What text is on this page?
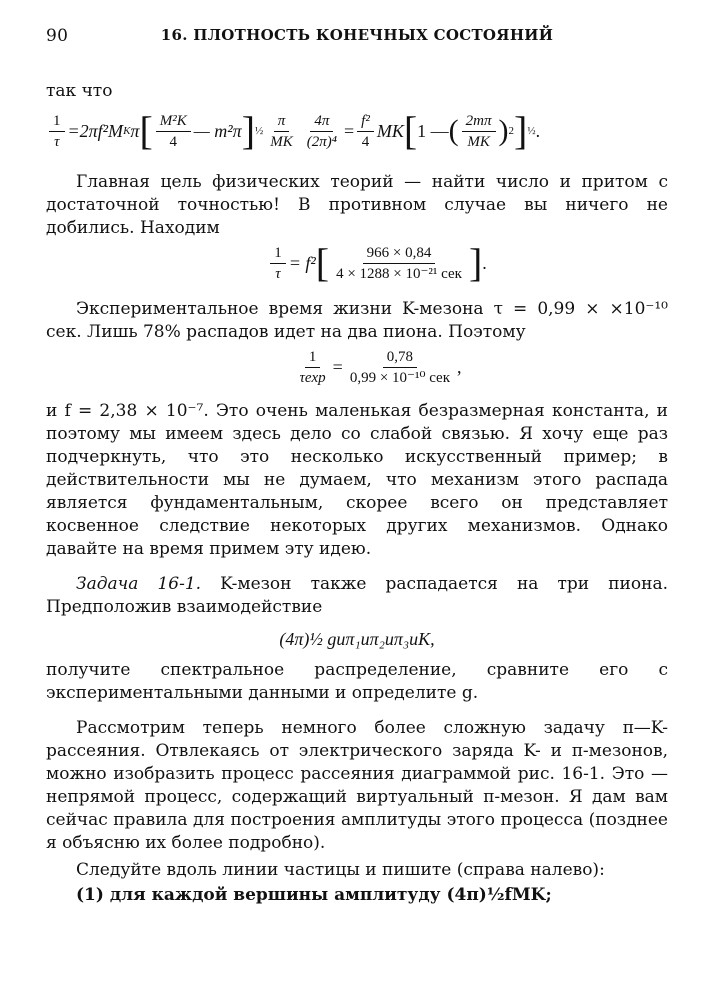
90	16. ПЛОТНОСТЬ КОНЕЧНЫХ СОСТОЯНИЙ

так что

$\frac{1}{\tau} =2\pi f^2M$ K π [ $\frac{\text{M²K}}{4}$ — m²π ] ½ $\frac{\pi}{MK} \frac{4\pi}{\text{(2π)⁴}} = \frac{\text{f²}}{4}$ MK [ 1 — ( $\frac{2m\pi}{MK}$ ) 2 ] ½ .

Главная цель физических теорий — найти число и притом с достаточной точностью! В противном случае вы ничего не добились. Находим

$\frac{1}{\tau} = f^2$ [ $\frac{966 \times 0,84}{\text{4 × 1288 × 10⁻²¹ сек}}$ ] .

Экспериментальное время жизни K-мезона τ = 0,99 × ×10⁻¹⁰ сек. Лишь 78% распадов идет на два пиона. Поэтому

$\frac{1}{\tau\exp} = \frac{0,78}{\text{0,99 × 10⁻¹⁰ сек}}$ ,

и f = 2,38 × 10⁻⁷. Это очень маленькая безразмерная константа, и поэтому мы имеем здесь дело со слабой связью. Я хочу еще раз подчеркнуть, что это несколько искусственный пример; в действительности мы не думаем, что механизм этого распада является фундаментальным, скорее всего он представляет косвенное следствие некоторых других механизмов. Однако давайте на время примем эту идею.

Задача 16-1. K-мезон также распадается на три пиона. Предположив взаимодействие

(4π)½ guπ₁uπ₂uπ₃uK,

получите спектральное распределение, сравните его с экспериментальными данными и определите g.

Рассмотрим теперь немного более сложную задачу π—K-рассеяния. Отвлекаясь от электрического заряда K- и π-мезонов, можно изобразить процесс рассеяния диаграммой рис. 16-1. Это — непрямой процесс, содержащий виртуальный π-мезон. Я дам вам сейчас правила для построения амплитуды этого процесса (позднее я объясню их более подробно).

Следуйте вдоль линии частицы и пишите (справа налево):

(1) для каждой вершины амплитуду (4π)½fMK;
